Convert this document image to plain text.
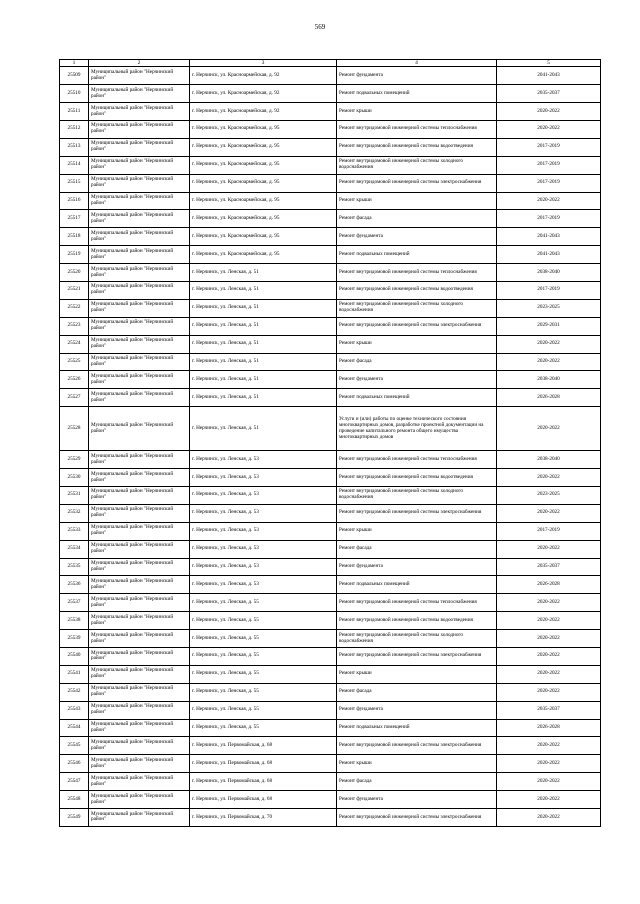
569
1	2	3	4	5
25509	Муниципальный район "Нерчинский район"	г. Нерчинск, ул. Красноармейская, д. 92	Ремонт фундамента	2041-2043
25510	Муниципальный район "Нерчинский район"	г. Нерчинск, ул. Красноармейская, д. 92	Ремонт подвальных помещений	2035-2037
25511	Муниципальный район "Нерчинский район"	г. Нерчинск, ул. Красноармейская, д. 92	Ремонт крыши	2020-2022
25512	Муниципальный район "Нерчинский район"	г. Нерчинск, ул. Красноармейская, д. 95	Ремонт внутридомовой инженерной системы теплоснабжения	2020-2022
25513	Муниципальный район "Нерчинский район"	г. Нерчинск, ул. Красноармейская, д. 95	Ремонт внутридомовой инженерной системы водоотведения	2017-2019
25514	Муниципальный район "Нерчинский район"	г. Нерчинск, ул. Красноармейская, д. 95	Ремонт внутридомовой инженерной системы холодного водоснабжения	2017-2019
25515	Муниципальный район "Нерчинский район"	г. Нерчинск, ул. Красноармейская, д. 95	Ремонт внутридомовой инженерной системы электроснабжения	2017-2019
25516	Муниципальный район "Нерчинский район"	г. Нерчинск, ул. Красноармейская, д. 95	Ремонт крыши	2020-2022
25517	Муниципальный район "Нерчинский район"	г. Нерчинск, ул. Красноармейская, д. 95	Ремонт фасада	2017-2019
25518	Муниципальный район "Нерчинский район"	г. Нерчинск, ул. Красноармейская, д. 95	Ремонт фундамента	2041-2043
25519	Муниципальный район "Нерчинский район"	г. Нерчинск, ул. Красноармейская, д. 95	Ремонт подвальных помещений	2041-2043
25520	Муниципальный район "Нерчинский район"	г. Нерчинск, ул. Ленская, д. 51	Ремонт внутридомовой инженерной системы теплоснабжения	2038-2040
25521	Муниципальный район "Нерчинский район"	г. Нерчинск, ул. Ленская, д. 51	Ремонт внутридомовой инженерной системы водоотведения	2017-2019
25522	Муниципальный район "Нерчинский район"	г. Нерчинск, ул. Ленская, д. 51	Ремонт внутридомовой инженерной системы холодного водоснабжения	2023-2025
25523	Муниципальный район "Нерчинский район"	г. Нерчинск, ул. Ленская, д. 51	Ремонт внутридомовой инженерной системы электроснабжения	2029-2031
25524	Муниципальный район "Нерчинский район"	г. Нерчинск, ул. Ленская, д. 51	Ремонт крыши	2020-2022
25525	Муниципальный район "Нерчинский район"	г. Нерчинск, ул. Ленская, д. 51	Ремонт фасада	2020-2022
25526	Муниципальный район "Нерчинский район"	г. Нерчинск, ул. Ленская, д. 51	Ремонт фундамента	2038-2040
25527	Муниципальный район "Нерчинский район"	г. Нерчинск, ул. Ленская, д. 51	Ремонт подвальных помещений	2026-2028
25528	Муниципальный район "Нерчинский район"	г. Нерчинск, ул. Ленская, д. 51	Услуги и (или) работы по оценке технического состояния многоквартирных домов, разработке проектной документации на проведение капитального ремонта общего имущества многоквартирных домов	2020-2022
25529	Муниципальный район "Нерчинский район"	г. Нерчинск, ул. Ленская, д. 53	Ремонт внутридомовой инженерной системы теплоснабжения	2038-2040
25530	Муниципальный район "Нерчинский район"	г. Нерчинск, ул. Ленская, д. 53	Ремонт внутридомовой инженерной системы водоотведения	2020-2022
25531	Муниципальный район "Нерчинский район"	г. Нерчинск, ул. Ленская, д. 53	Ремонт внутридомовой инженерной системы холодного водоснабжения	2023-2025
25532	Муниципальный район "Нерчинский район"	г. Нерчинск, ул. Ленская, д. 53	Ремонт внутридомовой инженерной системы электроснабжения	2020-2022
25533	Муниципальный район "Нерчинский район"	г. Нерчинск, ул. Ленская, д. 53	Ремонт крыши	2017-2019
25534	Муниципальный район "Нерчинский район"	г. Нерчинск, ул. Ленская, д. 53	Ремонт фасада	2020-2022
25535	Муниципальный район "Нерчинский район"	г. Нерчинск, ул. Ленская, д. 53	Ремонт фундамента	2035-2037
25536	Муниципальный район "Нерчинский район"	г. Нерчинск, ул. Ленская, д. 53	Ремонт подвальных помещений	2026-2028
25537	Муниципальный район "Нерчинский район"	г. Нерчинск, ул. Ленская, д. 55	Ремонт внутридомовой инженерной системы теплоснабжения	2020-2022
25538	Муниципальный район "Нерчинский район"	г. Нерчинск, ул. Ленская, д. 55	Ремонт внутридомовой инженерной системы водоотведения	2020-2022
25539	Муниципальный район "Нерчинский район"	г. Нерчинск, ул. Ленская, д. 55	Ремонт внутридомовой инженерной системы холодного водоснабжения	2020-2022
25540	Муниципальный район "Нерчинский район"	г. Нерчинск, ул. Ленская, д. 55	Ремонт внутридомовой инженерной системы электроснабжения	2020-2022
25541	Муниципальный район "Нерчинский район"	г. Нерчинск, ул. Ленская, д. 55	Ремонт крыши	2020-2022
25542	Муниципальный район "Нерчинский район"	г. Нерчинск, ул. Ленская, д. 55	Ремонт фасада	2020-2022
25543	Муниципальный район "Нерчинский район"	г. Нерчинск, ул. Ленская, д. 55	Ремонт фундамента	2035-2037
25544	Муниципальный район "Нерчинский район"	г. Нерчинск, ул. Ленская, д. 55	Ремонт подвальных помещений	2026-2028
25545	Муниципальный район "Нерчинский район"	г. Нерчинск, ул. Первомайская, д. 68	Ремонт внутридомовой инженерной системы электроснабжения	2020-2022
25546	Муниципальный район "Нерчинский район"	г. Нерчинск, ул. Первомайская, д. 68	Ремонт крыши	2020-2022
25547	Муниципальный район "Нерчинский район"	г. Нерчинск, ул. Первомайская, д. 68	Ремонт фасада	2020-2022
25548	Муниципальный район "Нерчинский район"	г. Нерчинск, ул. Первомайская, д. 68	Ремонт фундамента	2020-2022
25549	Муниципальный район "Нерчинский район"	г. Нерчинск, ул. Первомайская, д. 70	Ремонт внутридомовой инженерной системы электроснабжения	2020-2022
